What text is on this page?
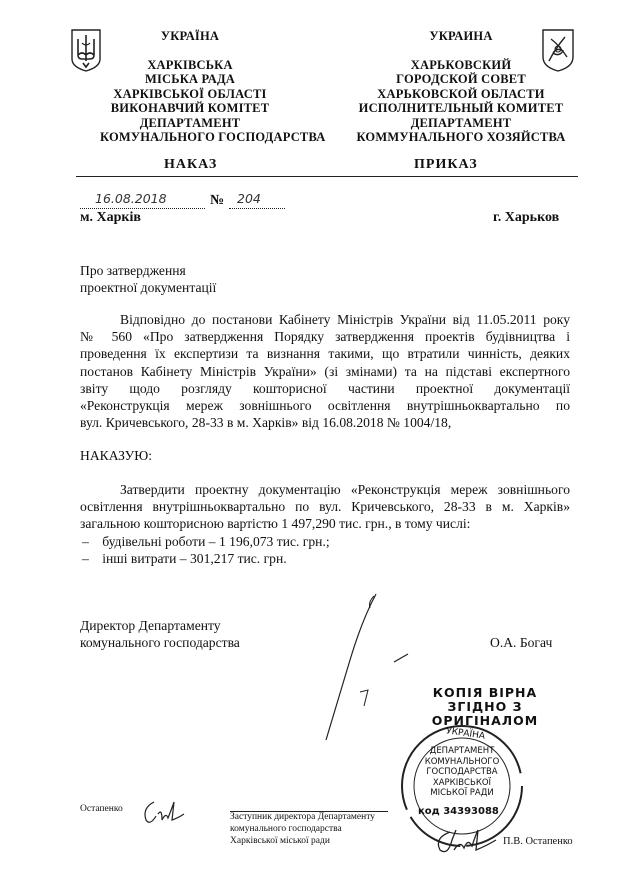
УКРАЇНА
ХАРКІВСЬКА
МІСЬКА РАДА
ХАРКІВСЬКОЇ ОБЛАСТІ
ВИКОНАВЧИЙ КОМІТЕТ
ДЕПАРТАМЕНТ
КОМУНАЛЬНОГО ГОСПОДАРСТВА
УКРАИНА
ХАРЬКОВСКИЙ
ГОРОДСКОЙ СОВЕТ
ХАРЬКОВСКОЙ ОБЛАСТИ
ИСПОЛНИТЕЛЬНЫЙ КОМИТЕТ
ДЕПАРТАМЕНТ
КОММУНАЛЬНОГО ХОЗЯЙСТВА
НАКАЗ	ПРИКАЗ
16.08.2018	№ 204
м. Харків	г. Харьков
Про затвердження
проектної документації
Відповідно до постанови Кабінету Міністрів України від 11.05.2011 року
№ 560 «Про затвердження Порядку затвердження проектів будівництва і
проведення їх експертизи та визнання такими, що втратили чинність, деяких
постанов Кабінету Міністрів України» (зі змінами) та на підставі експертного
звіту щодо розгляду кошторисної частини проектної документації
«Реконструкція мереж зовнішнього освітлення внутрішньоквартально по
вул. Кричевського, 28-33 в м. Харків» від 16.08.2018 № 1004/18,
НАКАЗУЮ:
Затвердити проектну документацію «Реконструкція мереж зовнішнього
освітлення внутрішньоквартально по вул. Кричевського, 28-33 в м. Харків»
загальною кошторисною вартістю 1 497,290 тис. грн., в тому числі:
– будівельні роботи – 1 196,073 тис. грн.;
– інші витрати – 301,217 тис. грн.
Директор Департаменту
комунального господарства	О.А. Богач
КОПІЯ ВІРНА
ЗГІДНО З
ОРИГІНАЛОМ
УКРАЇНА
ДЕПАРТАМЕНТ
КОМУНАЛЬНОГО
ГОСПОДАРСТВА
ХАРКІВСЬКОЇ
МІСЬКОЇ РАДИ
код 34393088
Остапенко
Заступник директора Департаменту
комунального господарства
Харківської міської ради	П.В. Остапенко
